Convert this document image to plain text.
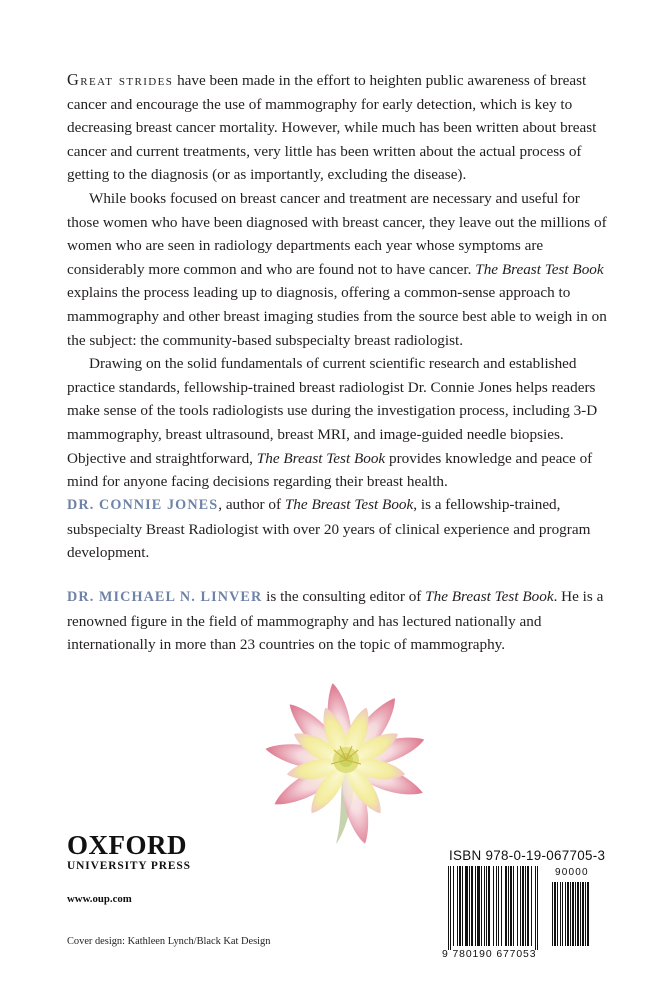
Great strides have been made in the effort to heighten public awareness of breast cancer and encourage the use of mammography for early detection, which is key to decreasing breast cancer mortality. However, while much has been written about breast cancer and current treatments, very little has been written about the actual process of getting to the diagnosis (or as importantly, excluding the disease).

While books focused on breast cancer and treatment are necessary and useful for those women who have been diagnosed with breast cancer, they leave out the millions of women who are seen in radiology departments each year whose symptoms are considerably more common and who are found not to have cancer. The Breast Test Book explains the process leading up to diagnosis, offering a common-sense approach to mammography and other breast imaging studies from the source best able to weigh in on the subject: the community-based subspecialty breast radiologist.

Drawing on the solid fundamentals of current scientific research and established practice standards, fellowship-trained breast radiologist Dr. Connie Jones helps readers make sense of the tools radiologists use during the investigation process, including 3-D mammography, breast ultrasound, breast MRI, and image-guided needle biopsies. Objective and straightforward, The Breast Test Book provides knowledge and peace of mind for anyone facing decisions regarding their breast health.

DR. CONNIE JONES, author of The Breast Test Book, is a fellowship-trained, subspecialty Breast Radiologist with over 20 years of clinical experience and program development.

DR. MICHAEL N. LINVER is the consulting editor of The Breast Test Book. He is a renowned figure in the field of mammography and has lectured nationally and internationally in more than 23 countries on the topic of mammography.

OXFORD
UNIVERSITY PRESS
www.oup.com
Cover design: Kathleen Lynch/Black Kat Design
ISBN 978-0-19-067705-3
90000
9 780190 677053
